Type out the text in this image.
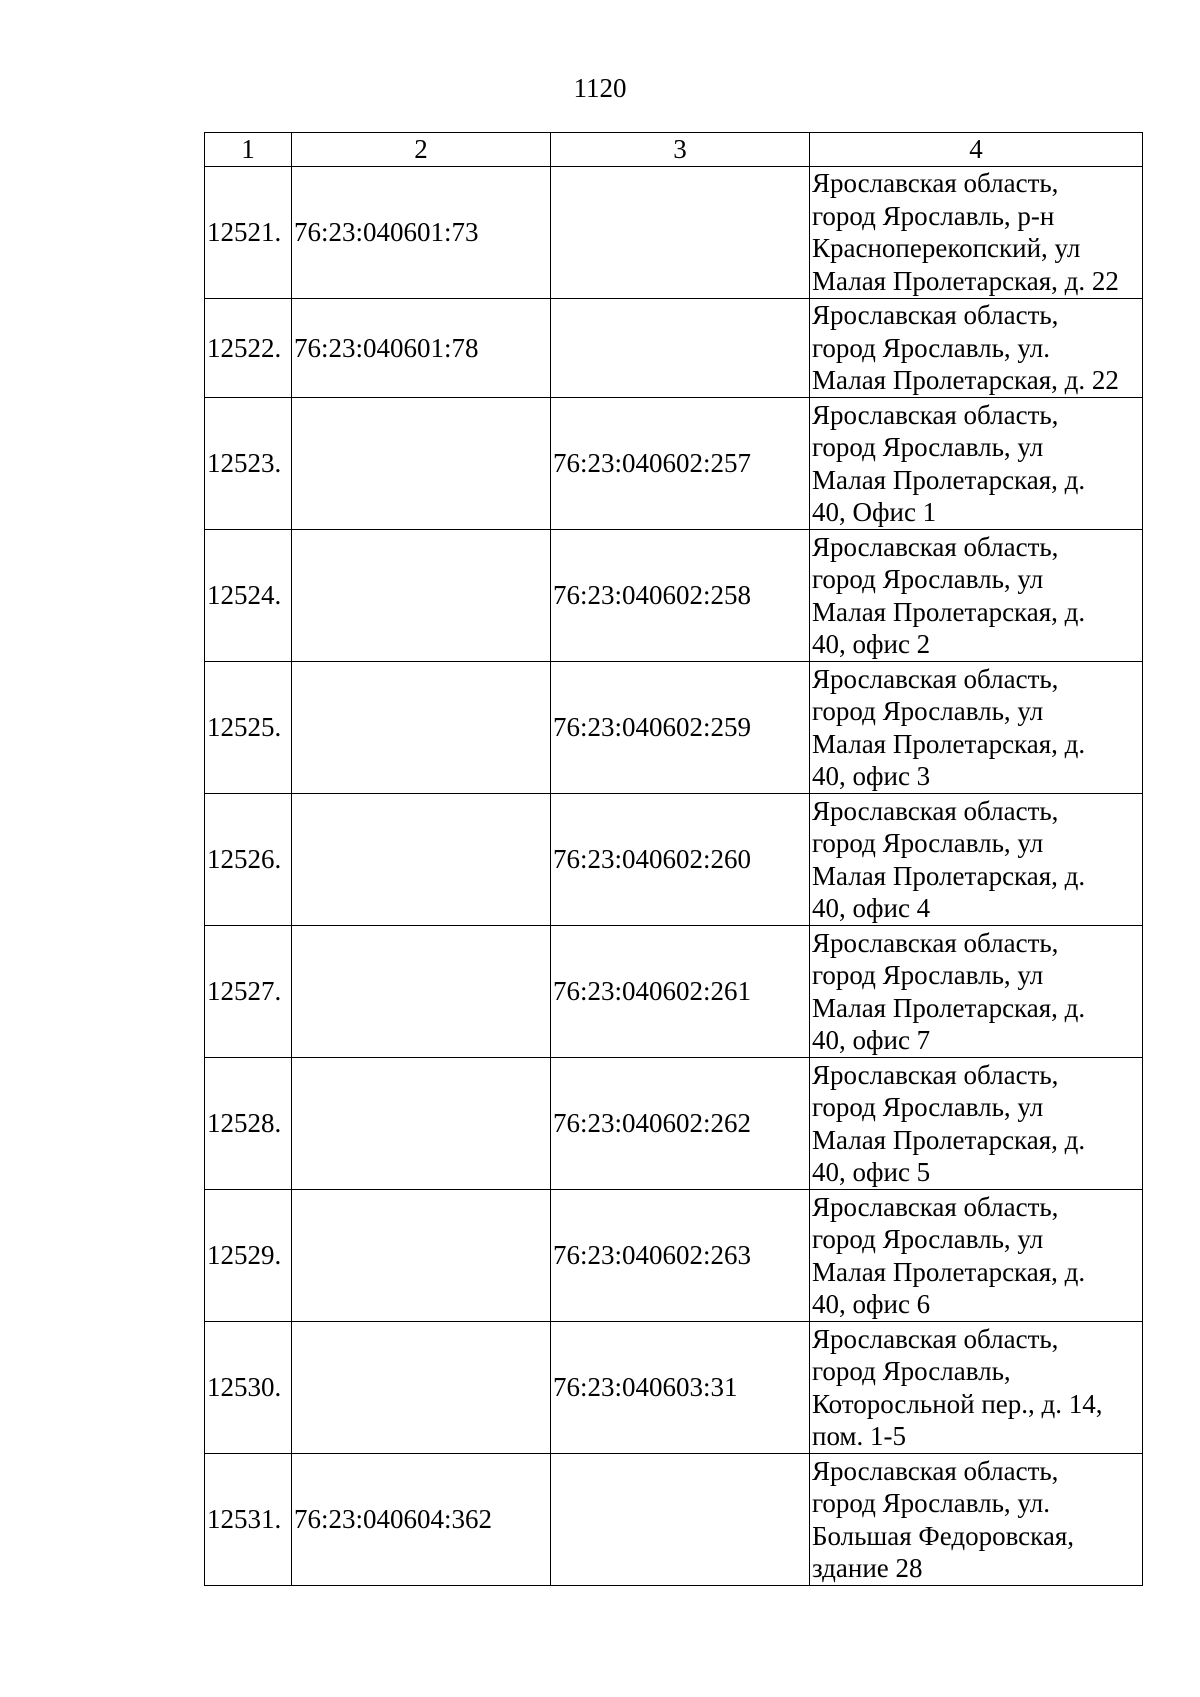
1120
1	2	3	4
12521.	76:23:040601:73		Ярославская область,
город Ярославль, р-н
Красноперекопский, ул
Малая Пролетарская, д. 22

12522.	76:23:040601:78		Ярославская область,
город Ярославль, ул.
Малая Пролетарская, д. 22

12523.		76:23:040602:257	Ярославская область,
город Ярославль, ул
Малая Пролетарская, д.
40, Офис 1

12524.		76:23:040602:258	Ярославская область,
город Ярославль, ул
Малая Пролетарская, д.
40, офис 2

12525.		76:23:040602:259	Ярославская область,
город Ярославль, ул
Малая Пролетарская, д.
40, офис 3

12526.		76:23:040602:260	Ярославская область,
город Ярославль, ул
Малая Пролетарская, д.
40, офис 4

12527.		76:23:040602:261	Ярославская область,
город Ярославль, ул
Малая Пролетарская, д.
40, офис 7

12528.		76:23:040602:262	Ярославская область,
город Ярославль, ул
Малая Пролетарская, д.
40, офис 5

12529.		76:23:040602:263	Ярославская область,
город Ярославль, ул
Малая Пролетарская, д.
40, офис 6

12530.		76:23:040603:31	Ярославская область,
город Ярославль,
Которосльной пер., д. 14,
пом. 1-5

12531.	76:23:040604:362		Ярославская область,
город Ярославль, ул.
Большая Федоровская,
здание 28
